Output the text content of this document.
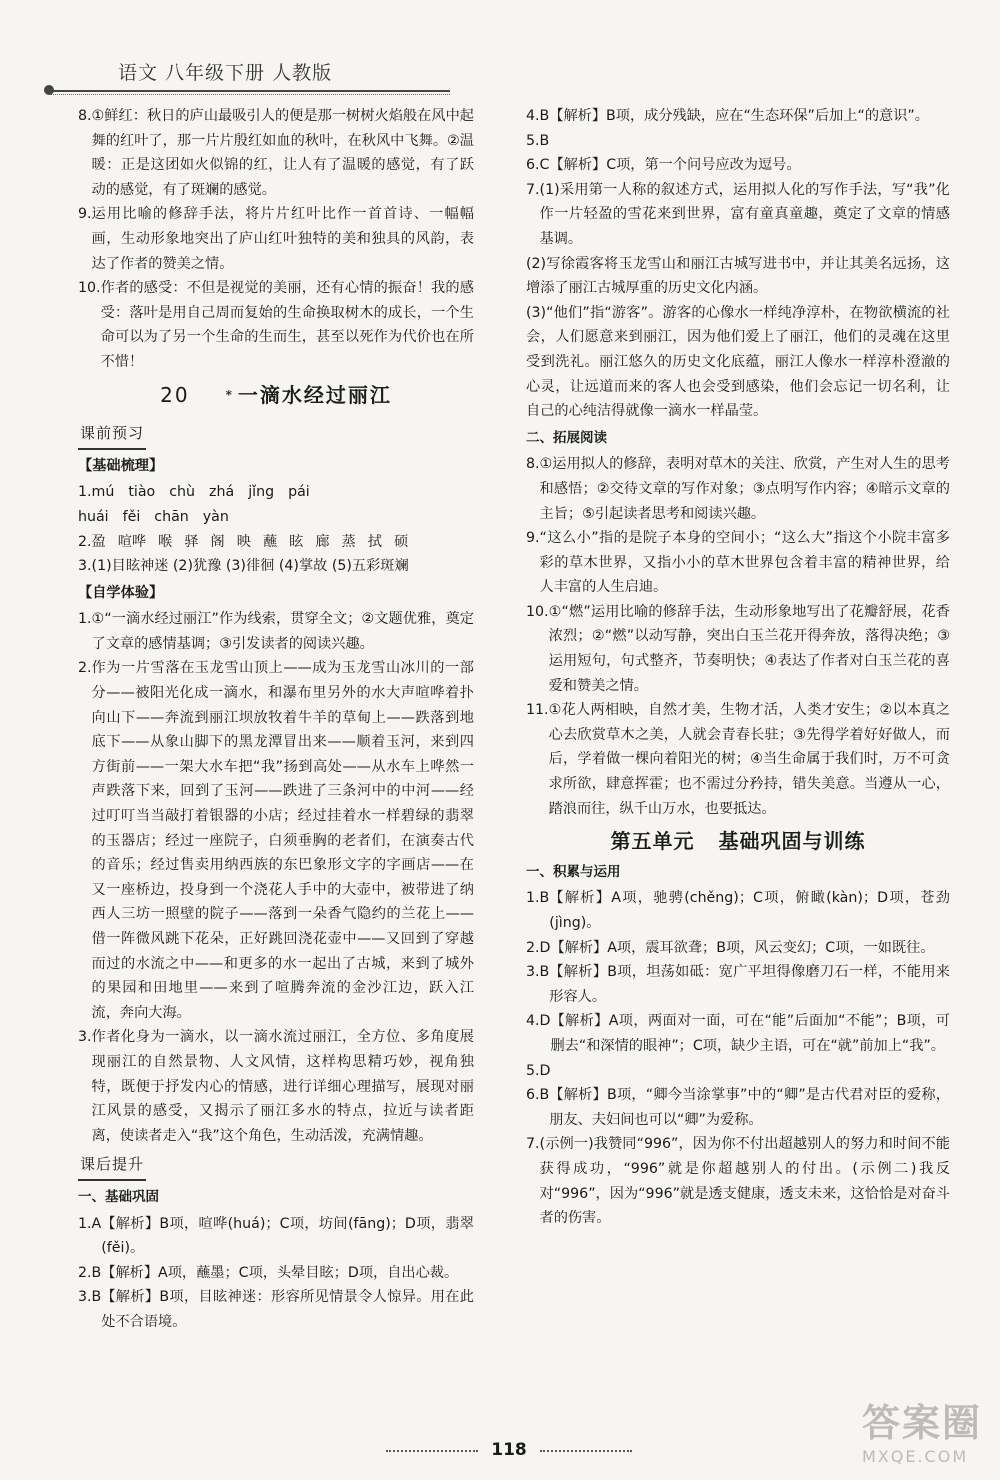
语文 八年级下册 人教版
8. ①鲜红：秋日的庐山最吸引人的便是那一树树火焰般在风中起舞的红叶了，那一片片殷红如血的秋叶，在秋风中飞舞。②温暖：正是这团如火似锦的红，让人有了温暖的感觉，有了跃动的感觉，有了斑斓的感觉。
9. 运用比喻的修辞手法，将片片红叶比作一首首诗、一幅幅画，生动形象地突出了庐山红叶独特的美和独具的风韵，表达了作者的赞美之情。
10. 作者的感受：不但是视觉的美丽，还有心情的振奋！我的感受：落叶是用自己周而复始的生命换取树木的成长，一个生命可以为了另一个生命的生而生，甚至以死作为代价也在所不惜！
20	* 一滴水经过丽江
课前预习
【基础梳理】
1.mú tiào chù zhá jǐng pái huái fěi chān yàn
2.盈 喧哗 喉 驿 阁 映 蘸 眩 廊 蒸 拭 硕
3.(1)目眩神迷 (2)犹豫 (3)徘徊 (4)掌故 (5)五彩斑斓
【自学体验】
1. ①“一滴水经过丽江”作为线索，贯穿全文；②文题优雅，奠定了文章的感情基调；③引发读者的阅读兴趣。
2. 作为一片雪落在玉龙雪山顶上——成为玉龙雪山冰川的一部分——被阳光化成一滴水，和瀑布里另外的水大声喧哗着扑向山下——奔流到丽江坝放牧着牛羊的草甸上——跌落到地底下——从象山脚下的黑龙潭冒出来——顺着玉河，来到四方街前——一架大水车把“我”扬到高处——从水车上哗然一声跌落下来，回到了玉河——跌进了三条河中的中河——经过叮叮当当敲打着银器的小店；经过挂着水一样碧绿的翡翠的玉器店；经过一座院子，白须垂胸的老者们，在演奏古代的音乐；经过售卖用纳西族的东巴象形文字的字画店——在又一座桥边，投身到一个浇花人手中的大壶中，被带进了纳西人三坊一照壁的院子——落到一朵香气隐约的兰花上——借一阵微风跳下花朵，正好跳回浇花壶中——又回到了穿越而过的水流之中——和更多的水一起出了古城，来到了城外的果园和田地里——来到了喧腾奔流的金沙江边，跃入江流，奔向大海。
3. 作者化身为一滴水，以一滴水流过丽江，全方位、多角度展现丽江的自然景物、人文风情，这样构思精巧妙，视角独特，既便于抒发内心的情感，进行详细心理描写，展现对丽江风景的感受，又揭示了丽江多水的特点，拉近与读者距离，使读者走入“我”这个角色，生动活泼，充满情趣。
课后提升
一、基础巩固
1.A 【解析】B项，喧哗(huá)；C项，坊间(fāng)；D项，翡翠(fěi)。
2.B 【解析】A项，蘸墨；C项，头晕目眩；D项，自出心裁。
3.B 【解析】B项，目眩神迷：形容所见情景令人惊异。用在此处不合语境。
4.B 【解析】B项，成分残缺，应在“生态环保”后加上“的意识”。
5.B
6.C 【解析】C项，第一个问号应改为逗号。
7. (1)采用第一人称的叙述方式，运用拟人化的写作手法，写“我”化作一片轻盈的雪花来到世界，富有童真童趣，奠定了文章的情感基调。
(2)写徐霞客将玉龙雪山和丽江古城写进书中，并让其美名远扬，这增添了丽江古城厚重的历史文化内涵。
(3)“他们”指“游客”。游客的心像水一样纯净淳朴，在物欲横流的社会，人们愿意来到丽江，因为他们爱上了丽江，他们的灵魂在这里受到洗礼。丽江悠久的历史文化底蕴，丽江人像水一样淳朴澄澈的心灵，让远道而来的客人也会受到感染，他们会忘记一切名利，让自己的心纯洁得就像一滴水一样晶莹。
二、拓展阅读
8. ①运用拟人的修辞，表明对草木的关注、欣赏，产生对人生的思考和感悟；②交待文章的写作对象；③点明写作内容；④暗示文章的主旨；⑤引起读者思考和阅读兴趣。
9. “这么小”指的是院子本身的空间小；“这么大”指这个小院丰富多彩的草木世界，又指小小的草木世界包含着丰富的精神世界，给人丰富的人生启迪。
10. ①“燃”运用比喻的修辞手法，生动形象地写出了花瓣舒展，花香浓烈；②“燃”以动写静，突出白玉兰花开得奔放，落得决绝；③运用短句，句式整齐，节奏明快；④表达了作者对白玉兰花的喜爱和赞美之情。
11. ①花人两相映，自然才美，生物才活，人类才安生；②以本真之心去欣赏草木之美，人就会青春长驻；③先得学着好好做人，而后，学着做一棵向着阳光的树；④当生命属于我们时，万不可贪求所欲，肆意挥霍；也不需过分矜持，错失美意。当遵从一心，踏浪而往，纵千山万水，也要抵达。
第五单元 基础巩固与训练
一、积累与运用
1.B 【解析】A项，驰骋(chěng)；C项，俯瞰(kàn)；D项，苍劲(jìng)。
2.D 【解析】A项，震耳欲聋；B项，风云变幻；C项，一如既往。
3.B 【解析】B项，坦荡如砥：宽广平坦得像磨刀石一样，不能用来形容人。
4.D 【解析】A项，两面对一面，可在“能”后面加“不能”；B项，可删去“和深情的眼神”；C项，缺少主语，可在“就”前加上“我”。
5.D
6.B 【解析】B项，“卿今当涂掌事”中的“卿”是古代君对臣的爱称，朋友、夫妇间也可以“卿”为爱称。
7. (示例一)我赞同“996”，因为你不付出超越别人的努力和时间不能获得成功，“996”就是你超越别人的付出。(示例二)我反对“996”，因为“996”就是透支健康，透支未来，这恰恰是对奋斗者的伤害。
118
答案圈
MXQE.COM
